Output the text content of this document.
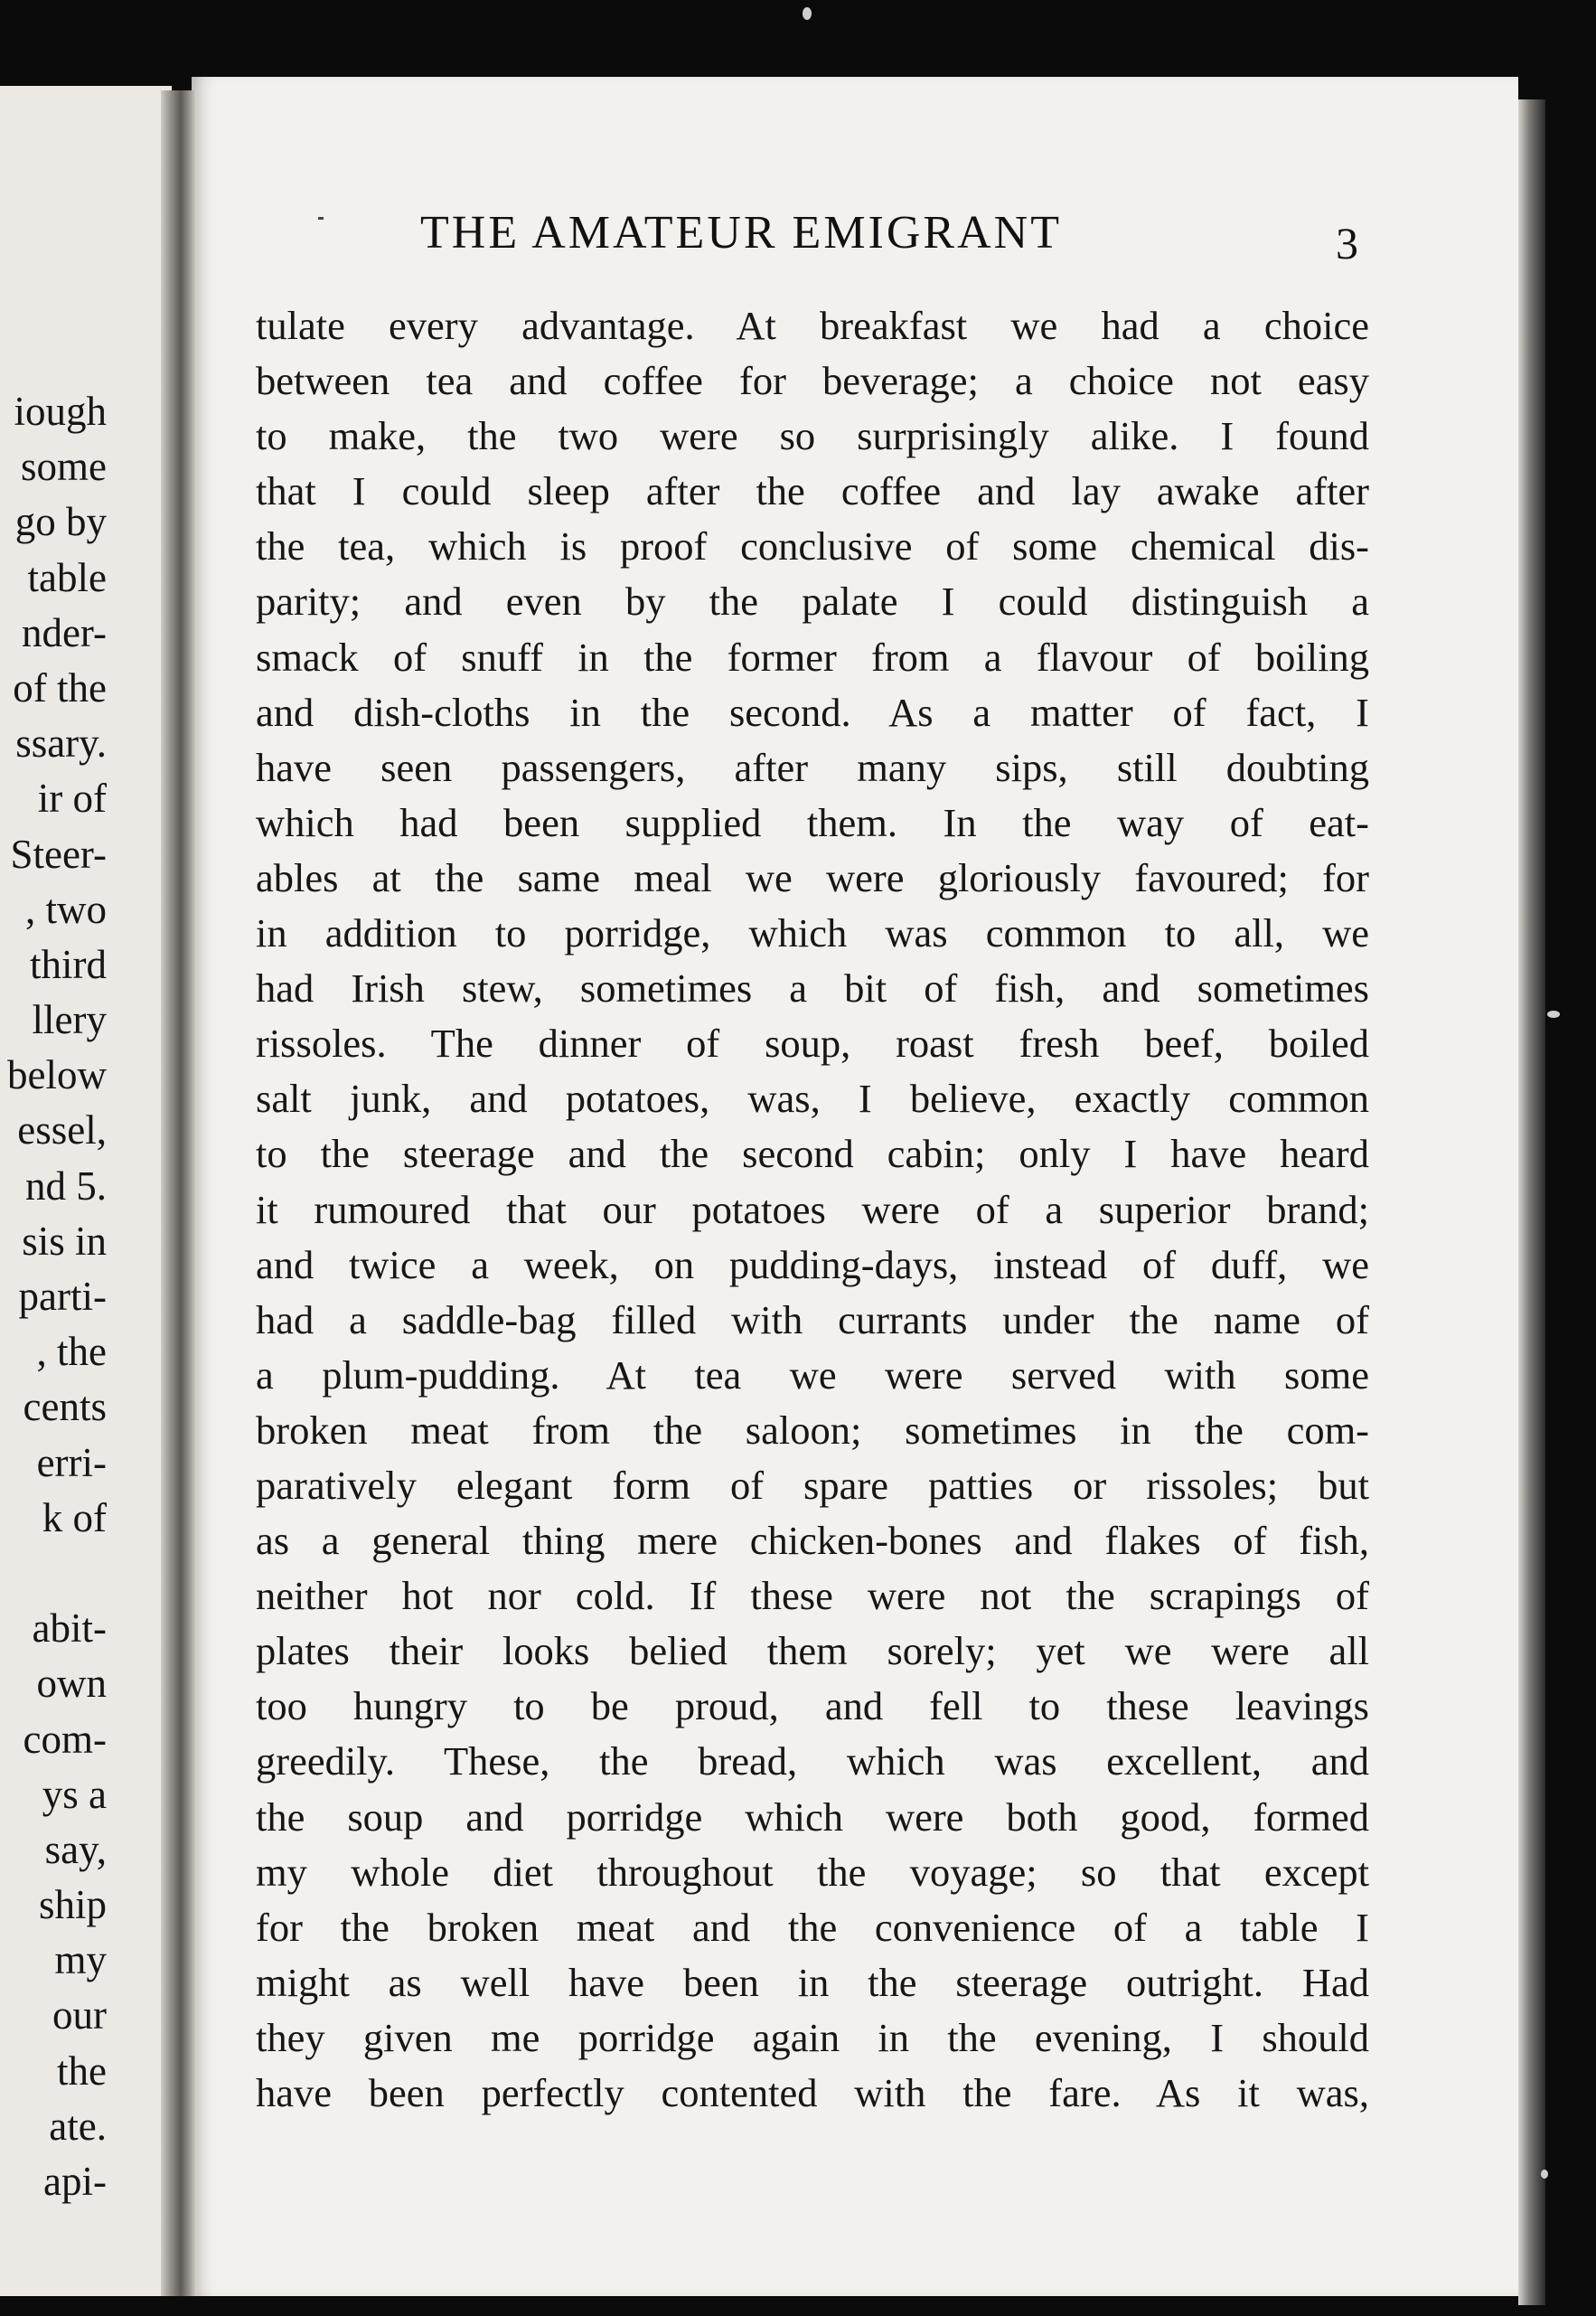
iough
some
go by
table
nder-
of the
ssary.
ir of
Steer-
, two
third
llery
below
essel,
nd 5.
sis in
parti-
, the
cents
erri-
k of
abit-
own
com-
ys a
say,
ship
my
our
the
ate.
api-
THE AMATEUR EMIGRANT	3
tulate every advantage. At breakfast we had a choice
between tea and coffee for beverage; a choice not easy
to make, the two were so surprisingly alike. I found
that I could sleep after the coffee and lay awake after
the tea, which is proof conclusive of some chemical dis-
parity; and even by the palate I could distinguish a
smack of snuff in the former from a flavour of boiling
and dish-cloths in the second. As a matter of fact, I
have seen passengers, after many sips, still doubting
which had been supplied them. In the way of eat-
ables at the same meal we were gloriously favoured; for
in addition to porridge, which was common to all, we
had Irish stew, sometimes a bit of fish, and sometimes
rissoles. The dinner of soup, roast fresh beef, boiled
salt junk, and potatoes, was, I believe, exactly common
to the steerage and the second cabin; only I have heard
it rumoured that our potatoes were of a superior brand;
and twice a week, on pudding-days, instead of duff, we
had a saddle-bag filled with currants under the name of
a plum-pudding. At tea we were served with some
broken meat from the saloon; sometimes in the com-
paratively elegant form of spare patties or rissoles; but
as a general thing mere chicken-bones and flakes of fish,
neither hot nor cold. If these were not the scrapings of
plates their looks belied them sorely; yet we were all
too hungry to be proud, and fell to these leavings
greedily. These, the bread, which was excellent, and
the soup and porridge which were both good, formed
my whole diet throughout the voyage; so that except
for the broken meat and the convenience of a table I
might as well have been in the steerage outright. Had
they given me porridge again in the evening, I should
have been perfectly contented with the fare. As it was,
